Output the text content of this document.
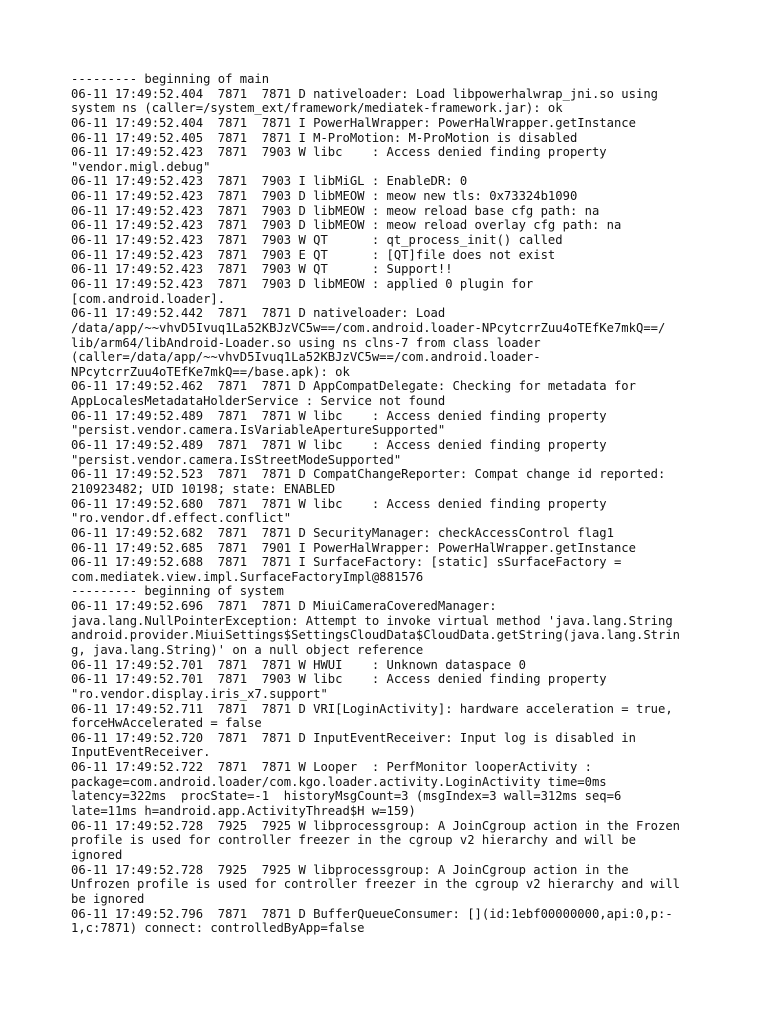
--------- beginning of main
06-11 17:49:52.404  7871  7871 D nativeloader: Load libpowerhalwrap_jni.so using
system ns (caller=/system_ext/framework/mediatek-framework.jar): ok
06-11 17:49:52.404  7871  7871 I PowerHalWrapper: PowerHalWrapper.getInstance
06-11 17:49:52.405  7871  7871 I M-ProMotion: M-ProMotion is disabled
06-11 17:49:52.423  7871  7903 W libc    : Access denied finding property
"vendor.migl.debug"
06-11 17:49:52.423  7871  7903 I libMiGL : EnableDR: 0
06-11 17:49:52.423  7871  7903 D libMEOW : meow new tls: 0x73324b1090
06-11 17:49:52.423  7871  7903 D libMEOW : meow reload base cfg path: na
06-11 17:49:52.423  7871  7903 D libMEOW : meow reload overlay cfg path: na
06-11 17:49:52.423  7871  7903 W QT      : qt_process_init() called
06-11 17:49:52.423  7871  7903 E QT      : [QT]file does not exist
06-11 17:49:52.423  7871  7903 W QT      : Support!!
06-11 17:49:52.423  7871  7903 D libMEOW : applied 0 plugin for
[com.android.loader].
06-11 17:49:52.442  7871  7871 D nativeloader: Load
/data/app/~~vhvD5Ivuq1La52KBJzVC5w==/com.android.loader-NPcytcrrZuu4oTEfKe7mkQ==/
lib/arm64/libAndroid-Loader.so using ns clns-7 from class loader
(caller=/data/app/~~vhvD5Ivuq1La52KBJzVC5w==/com.android.loader-
NPcytcrrZuu4oTEfKe7mkQ==/base.apk): ok
06-11 17:49:52.462  7871  7871 D AppCompatDelegate: Checking for metadata for
AppLocalesMetadataHolderService : Service not found
06-11 17:49:52.489  7871  7871 W libc    : Access denied finding property
"persist.vendor.camera.IsVariableApertureSupported"
06-11 17:49:52.489  7871  7871 W libc    : Access denied finding property
"persist.vendor.camera.IsStreetModeSupported"
06-11 17:49:52.523  7871  7871 D CompatChangeReporter: Compat change id reported:
210923482; UID 10198; state: ENABLED
06-11 17:49:52.680  7871  7871 W libc    : Access denied finding property
"ro.vendor.df.effect.conflict"
06-11 17:49:52.682  7871  7871 D SecurityManager: checkAccessControl flag1
06-11 17:49:52.685  7871  7901 I PowerHalWrapper: PowerHalWrapper.getInstance
06-11 17:49:52.688  7871  7871 I SurfaceFactory: [static] sSurfaceFactory =
com.mediatek.view.impl.SurfaceFactoryImpl@881576
--------- beginning of system
06-11 17:49:52.696  7871  7871 D MiuiCameraCoveredManager:
java.lang.NullPointerException: Attempt to invoke virtual method 'java.lang.String
android.provider.MiuiSettings$SettingsCloudData$CloudData.getString(java.lang.Strin
g, java.lang.String)' on a null object reference
06-11 17:49:52.701  7871  7871 W HWUI    : Unknown dataspace 0
06-11 17:49:52.701  7871  7903 W libc    : Access denied finding property
"ro.vendor.display.iris_x7.support"
06-11 17:49:52.711  7871  7871 D VRI[LoginActivity]: hardware acceleration = true,
forceHwAccelerated = false
06-11 17:49:52.720  7871  7871 D InputEventReceiver: Input log is disabled in
InputEventReceiver.
06-11 17:49:52.722  7871  7871 W Looper  : PerfMonitor looperActivity :
package=com.android.loader/com.kgo.loader.activity.LoginActivity time=0ms
latency=322ms  procState=-1  historyMsgCount=3 (msgIndex=3 wall=312ms seq=6
late=11ms h=android.app.ActivityThread$H w=159)
06-11 17:49:52.728  7925  7925 W libprocessgroup: A JoinCgroup action in the Frozen
profile is used for controller freezer in the cgroup v2 hierarchy and will be
ignored
06-11 17:49:52.728  7925  7925 W libprocessgroup: A JoinCgroup action in the
Unfrozen profile is used for controller freezer in the cgroup v2 hierarchy and will
be ignored
06-11 17:49:52.796  7871  7871 D BufferQueueConsumer: [](id:1ebf00000000,api:0,p:-
1,c:7871) connect: controlledByApp=false
